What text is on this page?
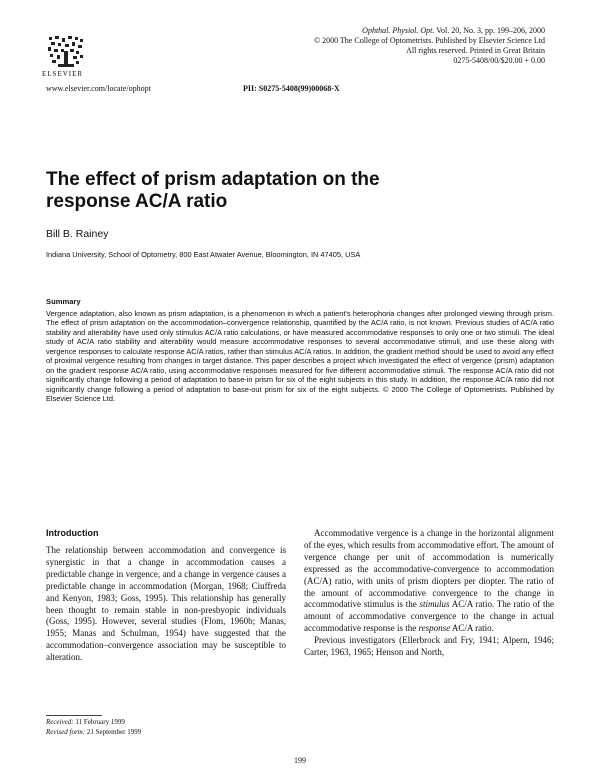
ELSEVIER
Ophthal. Physiol. Opt. Vol. 20, No. 3, pp. 199–206, 2000
© 2000 The College of Optometrists. Published by Elsevier Science Ltd
All rights reserved. Printed in Great Britain
0275-5408/00/$20.00 + 0.00
www.elsevier.com/locate/ophopt	PII: S0275-5408(99)00068-X
The effect of prism adaptation on the response AC/A ratio
Bill B. Rainey
Indiana University, School of Optometry, 800 East Atwater Avenue, Bloomington, IN 47405, USA
Summary
Vergence adaptation, also known as prism adaptation, is a phenomenon in which a patient's heterophoria changes after prolonged viewing through prism. The effect of prism adaptation on the accommodation–convergence relationship, quantified by the AC/A ratio, is not known. Previous studies of AC/A ratio stability and alterability have used only stimulus AC/A ratio calculations, or have measured accommodative responses to only one or two stimuli. The ideal study of AC/A ratio stability and alterability would measure accommodative responses to several accommodative stimuli, and use these along with vergence responses to calculate response AC/A ratios, rather than stimulus AC/A ratios. In addition, the gradient method should be used to avoid any effect of proximal vergence resulting from changes in target distance. This paper describes a project which investigated the effect of vergence (prism) adaptation on the gradient response AC/A ratio, using accommodative responses measured for five different accommodative stimuli. The response AC/A ratio did not significantly change following a period of adaptation to base-in prism for six of the eight subjects in this study. In addition, the response AC/A ratio did not significantly change following a period of adaptation to base-out prism for six of the eight subjects. © 2000 The College of Optometrists. Published by Elsevier Science Ltd.
Introduction

The relationship between accommodation and convergence is synergistic in that a change in accommodation causes a predictable change in vergence, and a change in vergence causes a predictable change in accommodation (Morgan, 1968; Ciuffreda and Kenyon, 1983; Goss, 1995). This relationship has generally been thought to remain stable in non-presbyopic individuals (Goss, 1995). However, several studies (Flom, 1960b; Manas, 1955; Manas and Schulman, 1954) have suggested that the accommodation–convergence association may be susceptible to alteration.

Accommodative vergence is a change in the horizontal alignment of the eyes, which results from accommodative effort. The amount of vergence change per unit of accommodation is numerically expressed as the accommodative-convergence to accommodation (AC/A) ratio, with units of prism diopters per diopter. The ratio of the amount of accommodative convergence to the change in accommodative stimulus is the stimulus AC/A ratio. The ratio of the amount of accommodative convergence to the change in actual accommodative response is the response AC/A ratio.

Previous investigators (Ellerbrock and Fry, 1941; Alpern, 1946; Carter, 1963, 1965; Henson and North,

Received: 11 February 1999
Revised form: 21 September 1999
199
